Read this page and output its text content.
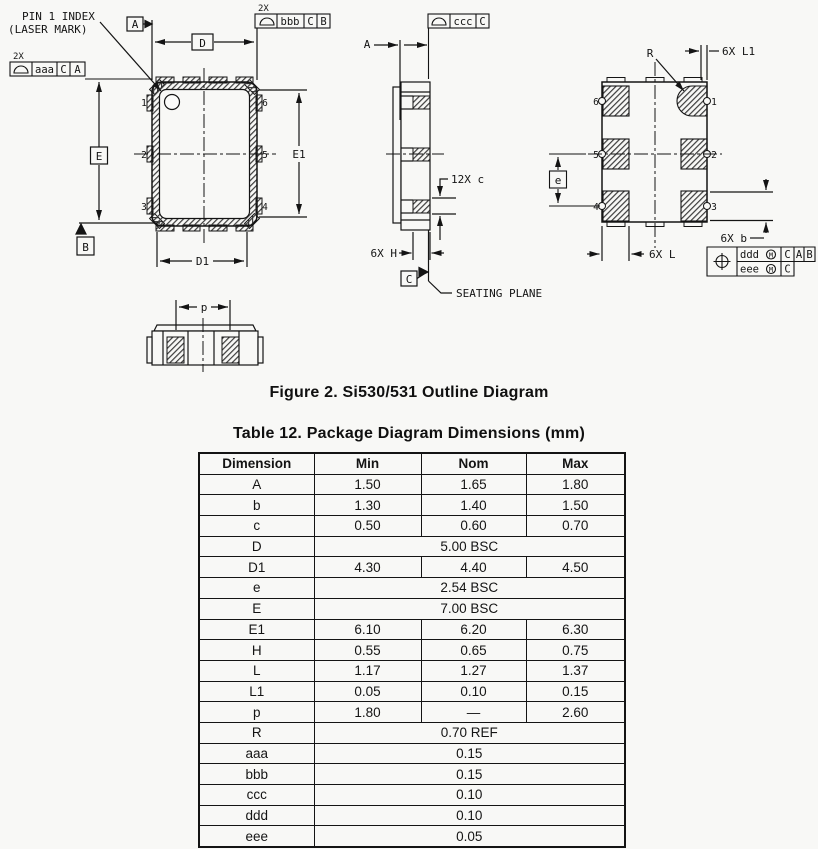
PIN 1 INDEX
(LASER MARK)
2X
aaa C A
A
D
2X
bbb C B	ccc C
E
B
E1
D1
1
2
3
6
5
4
A
12X c
6X H
C
SEATING PLANE
R	6X L1
e
6X L
6X b
6
5
4
1
2
3
ddd M C A B
eee M C
p
Figure 2. Si530/531 Outline Diagram
Table 12. Package Diagram Dimensions (mm)
Dimension	Min	Nom	Max
A	1.50	1.65	1.80
b	1.30	1.40	1.50
c	0.50	0.60	0.70
D	5.00 BSC		
D1	4.30	4.40	4.50
e	2.54 BSC		
E	7.00 BSC		
E1	6.10	6.20	6.30
H	0.55	0.65	0.75
L	1.17	1.27	1.37
L1	0.05	0.10	0.15
p	1.80	—	2.60
R	0.70 REF		
aaa	0.15		
bbb	0.15		
ccc	0.10		
ddd	0.10		
eee	0.05		
